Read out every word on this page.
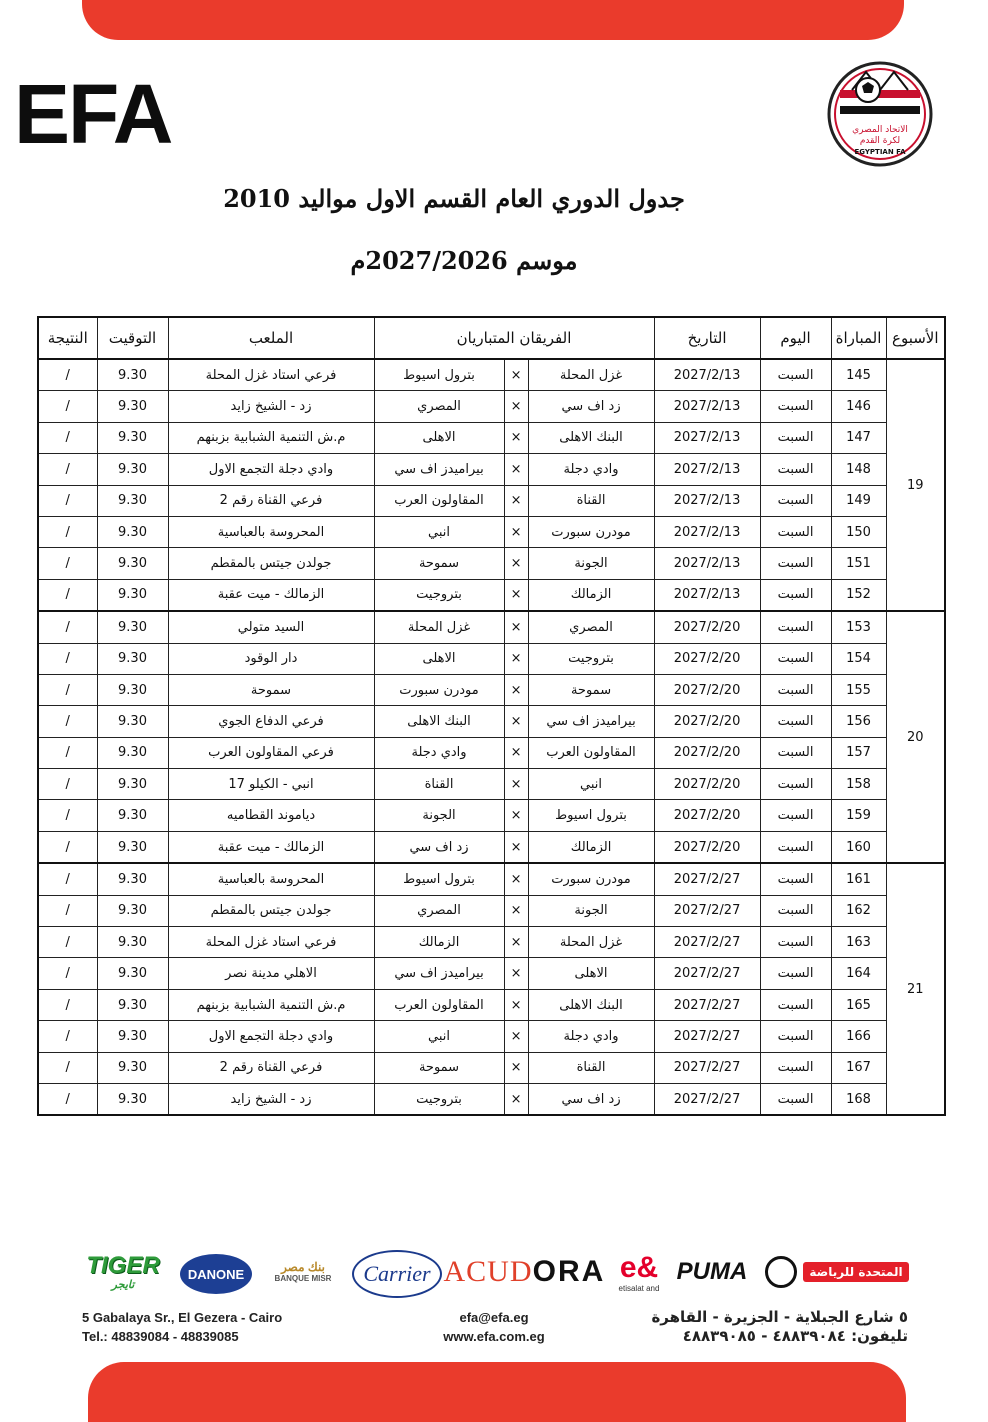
EFA	الاتحاد المصري
لكرة القدم
EGYPTIAN FA
جدول الدوري العام القسم الاول مواليد 2010
موسم 2027/2026م
الأسبوع	المباراة	اليوم	التاريخ	الفريقان المتباريان			الملعب	التوقيت	النتيجة
19	145	السبت	2027/2/13	غزل المحلة	×	بترول اسيوط	فرعي استاد غزل المحلة	9.30	/
	146	السبت	2027/2/13	زد اف سي	×	المصري	زد - الشيخ زايد	9.30	/
	147	السبت	2027/2/13	البنك الاهلى	×	الاهلى	م.ش التنمية الشبابية بزبنهم	9.30	/
	148	السبت	2027/2/13	وادي دجلة	×	بيراميدز اف سي	وادي دجلة التجمع الاول	9.30	/
	149	السبت	2027/2/13	القناة	×	المقاولون العرب	فرعي القناة رقم 2	9.30	/
	150	السبت	2027/2/13	مودرن سبورت	×	انبي	المحروسة بالعباسية	9.30	/
	151	السبت	2027/2/13	الجونة	×	سموحة	جولدن جيتس بالمقطم	9.30	/
	152	السبت	2027/2/13	الزمالك	×	بتروجيت	الزمالك - ميت عقبة	9.30	/
20	153	السبت	2027/2/20	المصري	×	غزل المحلة	السيد متولي	9.30	/
	154	السبت	2027/2/20	بتروجيت	×	الاهلى	دار الوقود	9.30	/
	155	السبت	2027/2/20	سموحة	×	مودرن سبورت	سموحة	9.30	/
	156	السبت	2027/2/20	بيراميدز اف سي	×	البنك الاهلى	فرعي الدفاع الجوي	9.30	/
	157	السبت	2027/2/20	المقاولون العرب	×	وادي دجلة	فرعي المقاولون العرب	9.30	/
	158	السبت	2027/2/20	انبي	×	القناة	انبي - الكيلو 17	9.30	/
	159	السبت	2027/2/20	بترول اسيوط	×	الجونة	دياموند القطاميه	9.30	/
	160	السبت	2027/2/20	الزمالك	×	زد اف سي	الزمالك - ميت عقبة	9.30	/
21	161	السبت	2027/2/27	مودرن سبورت	×	بترول اسيوط	المحروسة بالعباسية	9.30	/
	162	السبت	2027/2/27	الجونة	×	المصري	جولدن جيتس بالمقطم	9.30	/
	163	السبت	2027/2/27	غزل المحلة	×	الزمالك	فرعي استاد غزل المحلة	9.30	/
	164	السبت	2027/2/27	الاهلى	×	بيراميدز اف سي	الاهلي مدينة نصر	9.30	/
	165	السبت	2027/2/27	البنك الاهلى	×	المقاولون العرب	م.ش التنمية الشبابية بزبنهم	9.30	/
	166	السبت	2027/2/27	وادي دجلة	×	انبي	وادي دجلة التجمع الاول	9.30	/
	167	السبت	2027/2/27	القناة	×	سموحة	فرعي القناة رقم 2	9.30	/
	168	السبت	2027/2/27	زد اف سي	×	بتروجيت	زد - الشيخ زايد	9.30	/
TIGER
تايجر
DANONE	بنك مصر
BANQUE MISR	Carrier ACUD ORA e&
etisalat and
PUMA	المتحدة للرياضة
5 Gabalaya Sr., El Gezera - Cairo
Tel.: 48839084 - 48839085
efa@efa.eg
www.efa.com.eg
٥ شارع الجبلاية - الجزيرة - القاهرة
تليفون: ٤٨٨٣٩٠٨٤ - ٤٨٨٣٩٠٨٥
